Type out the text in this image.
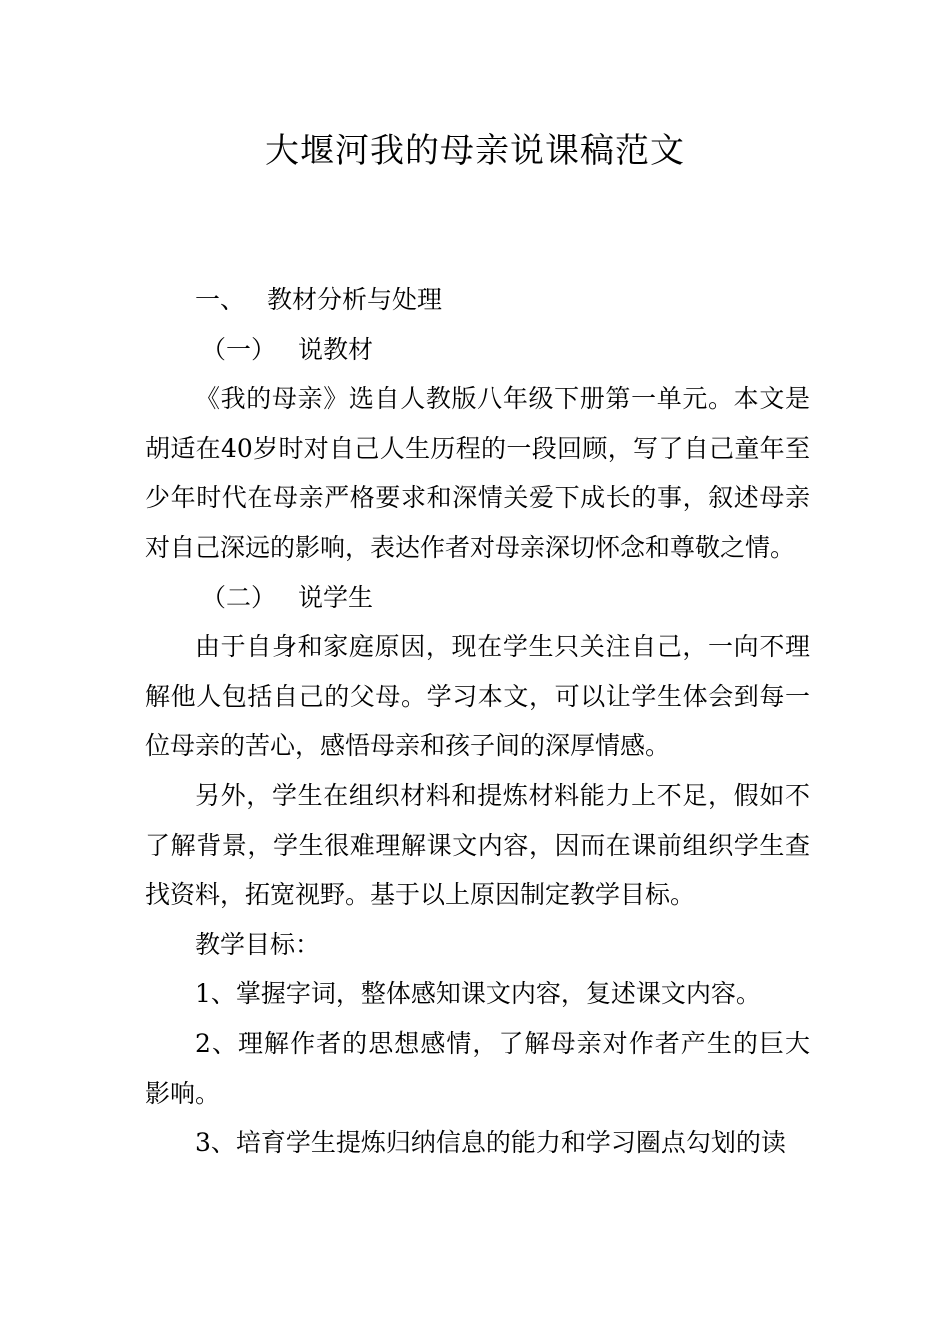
大堰河我的母亲说课稿范文

一、 教材分析与处理

（一） 说教材

《我的母亲》选自人教版八年级下册第一单元。本文是胡适在40岁时对自己人生历程的一段回顾，写了自己童年至少年时代在母亲严格要求和深情关爱下成长的事，叙述母亲对自己深远的影响，表达作者对母亲深切怀念和尊敬之情。

（二） 说学生

由于自身和家庭原因，现在学生只关注自己，一向不理解他人包括自己的父母。学习本文，可以让学生体会到每一位母亲的苦心，感悟母亲和孩子间的深厚情感。

另外，学生在组织材料和提炼材料能力上不足，假如不了解背景，学生很难理解课文内容，因而在课前组织学生查找资料，拓宽视野。基于以上原因制定教学目标。

教学目标：

1、掌握字词，整体感知课文内容，复述课文内容。

2、理解作者的思想感情，了解母亲对作者产生的巨大影响。

3、培育学生提炼归纳信息的能力和学习圈点勾划的读
